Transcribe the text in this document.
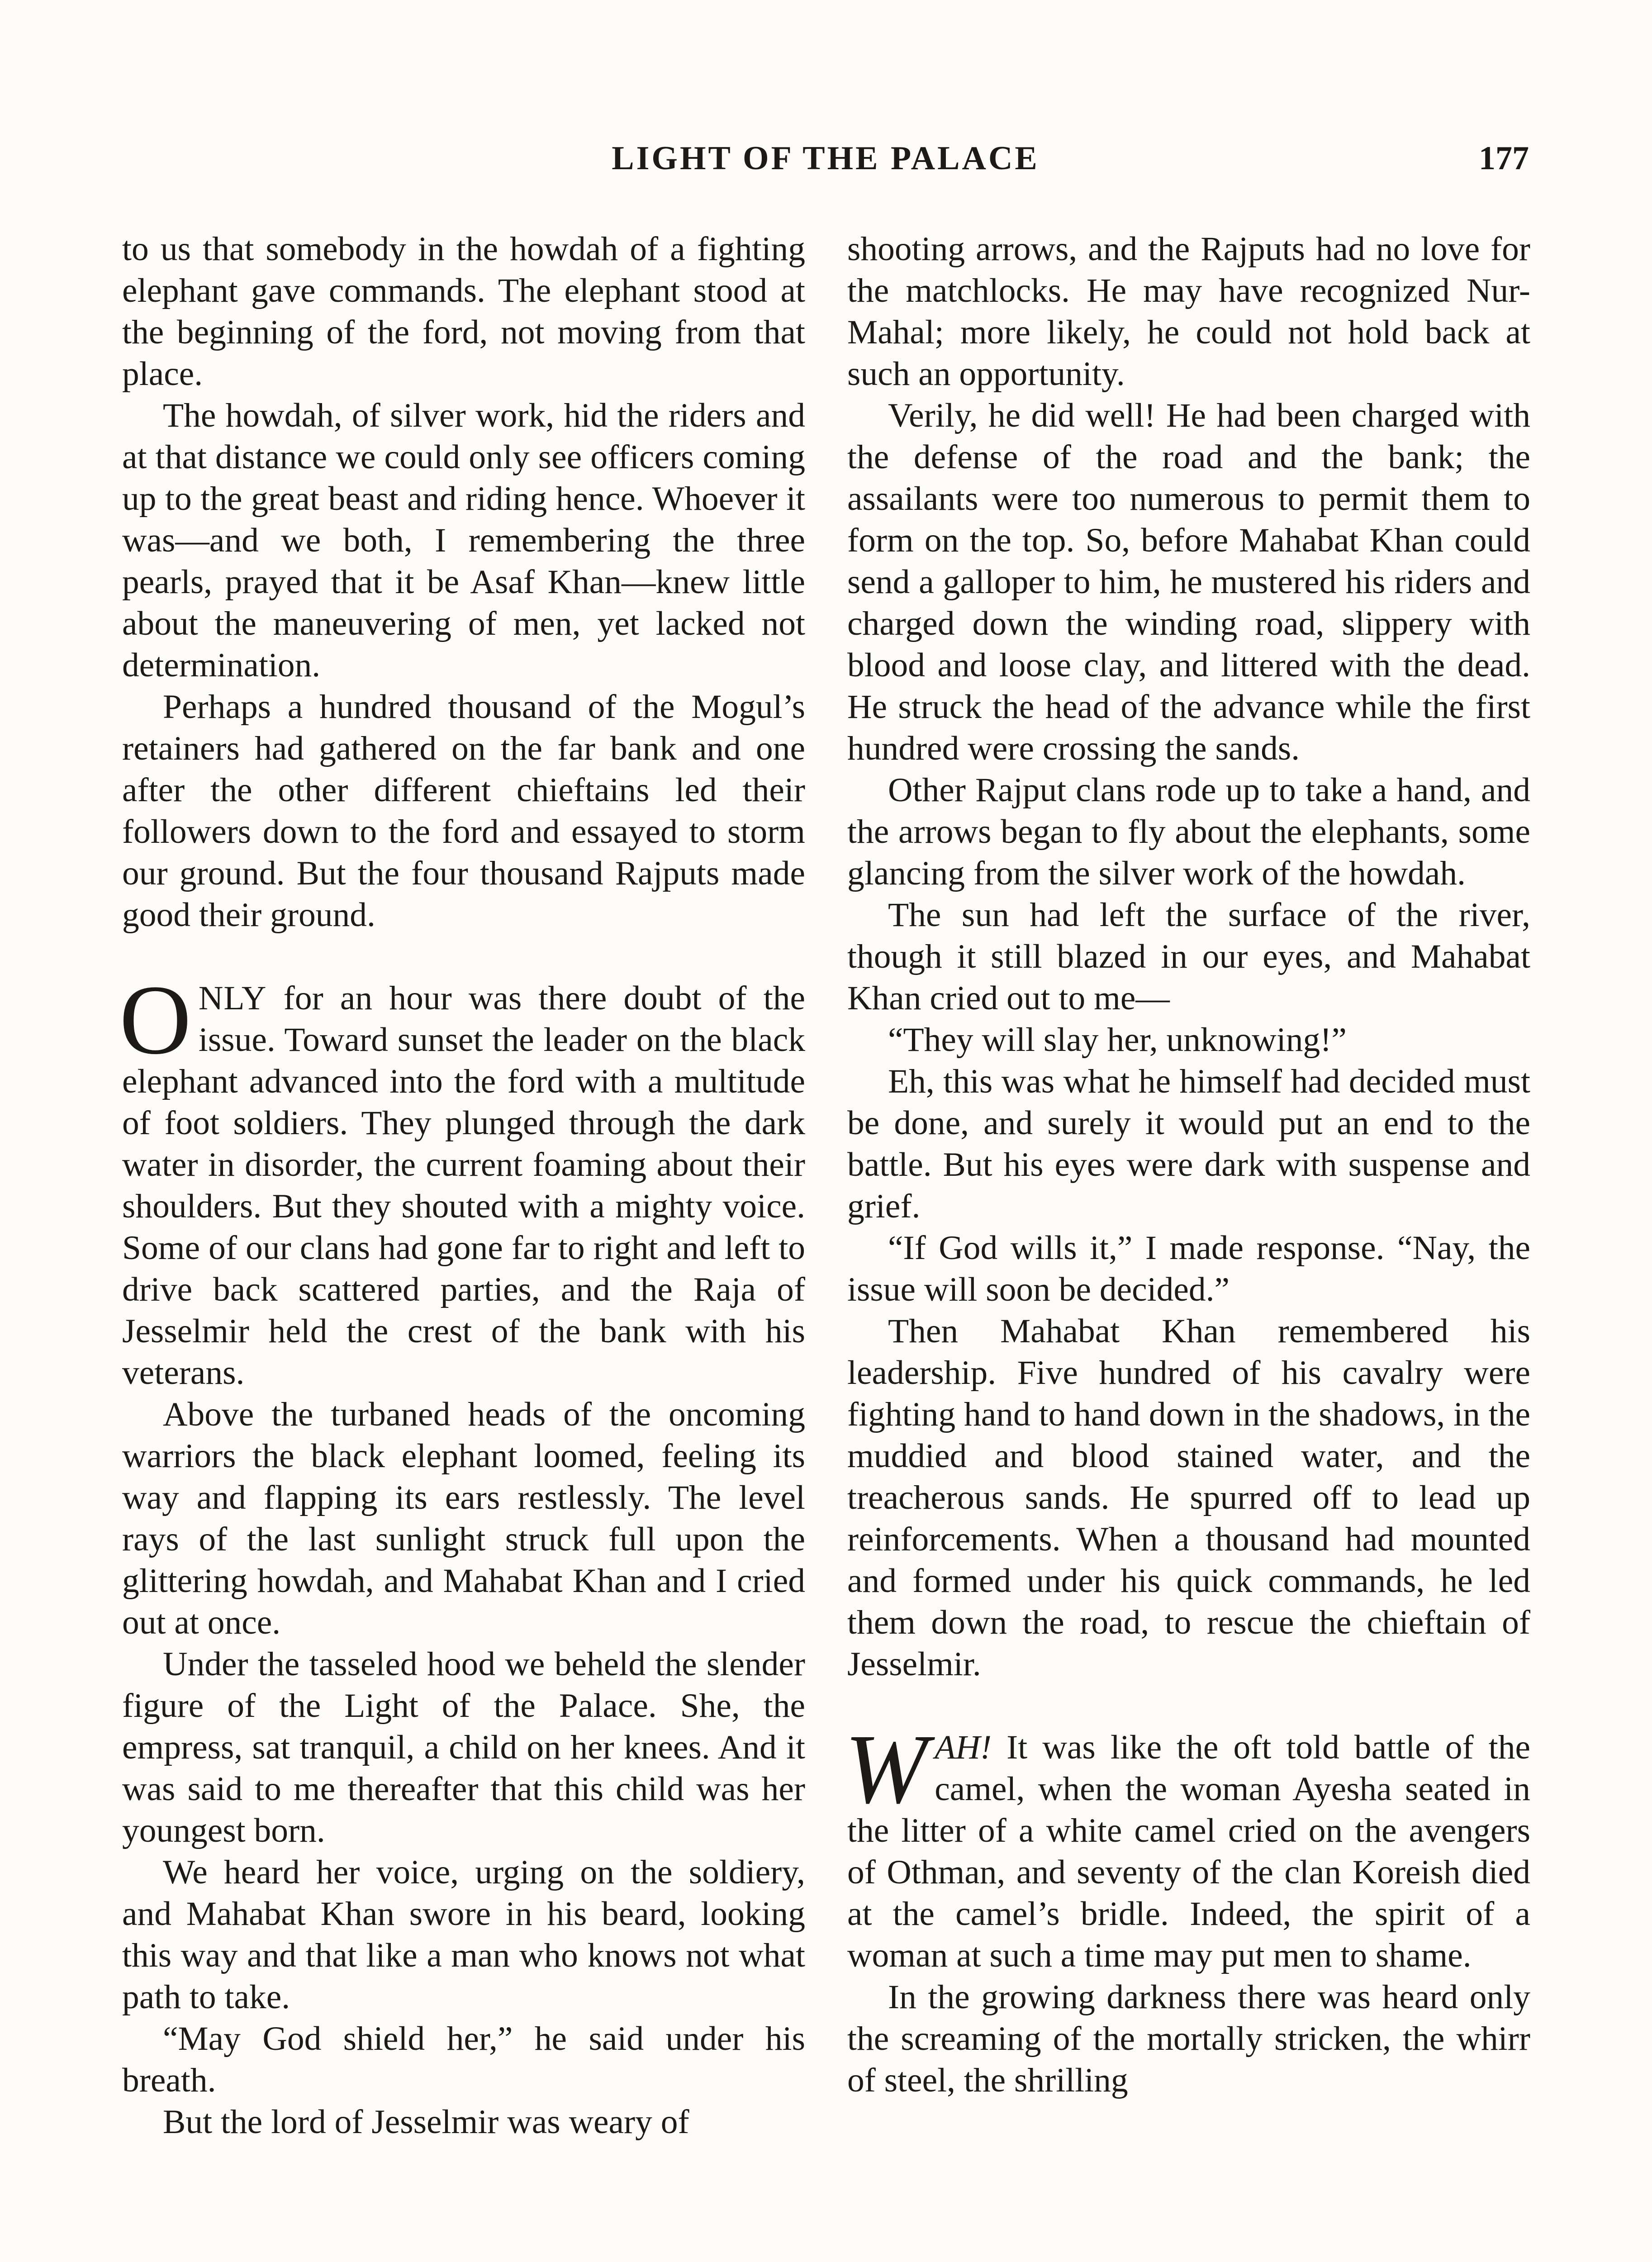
LIGHT OF THE PALACE	177

to us that somebody in the howdah of a fighting elephant gave commands. The elephant stood at the beginning of the ford, not moving from that place.

The howdah, of silver work, hid the riders and at that distance we could only see officers coming up to the great beast and riding hence. Whoever it was—and we both, I remembering the three pearls, prayed that it be Asaf Khan—knew little about the maneuvering of men, yet lacked not determination.

Perhaps a hundred thousand of the Mogul’s retainers had gathered on the far bank and one after the other different chieftains led their followers down to the ford and essayed to storm our ground. But the four thousand Rajputs made good their ground.

ONLY for an hour was there doubt of the issue. Toward sunset the leader on the black elephant advanced into the ford with a multitude of foot soldiers. They plunged through the dark water in disorder, the current foaming about their shoulders. But they shouted with a mighty voice. Some of our clans had gone far to right and left to drive back scattered parties, and the Raja of Jesselmir held the crest of the bank with his veterans.

Above the turbaned heads of the oncoming warriors the black elephant loomed, feeling its way and flapping its ears restlessly. The level rays of the last sunlight struck full upon the glittering howdah, and Mahabat Khan and I cried out at once.

Under the tasseled hood we beheld the slender figure of the Light of the Palace. She, the empress, sat tranquil, a child on her knees. And it was said to me thereafter that this child was her youngest born.

We heard her voice, urging on the soldiery, and Mahabat Khan swore in his beard, looking this way and that like a man who knows not what path to take.

“May God shield her,” he said under his breath.

But the lord of Jesselmir was weary of

shooting arrows, and the Rajputs had no love for the matchlocks. He may have recognized Nur-Mahal; more likely, he could not hold back at such an opportunity.

Verily, he did well! He had been charged with the defense of the road and the bank; the assailants were too numerous to permit them to form on the top. So, before Mahabat Khan could send a galloper to him, he mustered his riders and charged down the winding road, slippery with blood and loose clay, and littered with the dead. He struck the head of the advance while the first hundred were crossing the sands.

Other Rajput clans rode up to take a hand, and the arrows began to fly about the elephants, some glancing from the silver work of the howdah.

The sun had left the surface of the river, though it still blazed in our eyes, and Mahabat Khan cried out to me—

“They will slay her, unknowing!”

Eh, this was what he himself had decided must be done, and surely it would put an end to the battle. But his eyes were dark with suspense and grief.

“If God wills it,” I made response. “Nay, the issue will soon be decided.”

Then Mahabat Khan remembered his leadership. Five hundred of his cavalry were fighting hand to hand down in the shadows, in the muddied and blood stained water, and the treacherous sands. He spurred off to lead up reinforcements. When a thousand had mounted and formed under his quick commands, he led them down the road, to rescue the chieftain of Jesselmir.

WAH! It was like the oft told battle of the camel, when the woman Ayesha seated in the litter of a white camel cried on the avengers of Othman, and seventy of the clan Koreish died at the camel’s bridle. Indeed, the spirit of a woman at such a time may put men to shame.

In the growing darkness there was heard only the screaming of the mortally stricken, the whirr of steel, the shrilling
